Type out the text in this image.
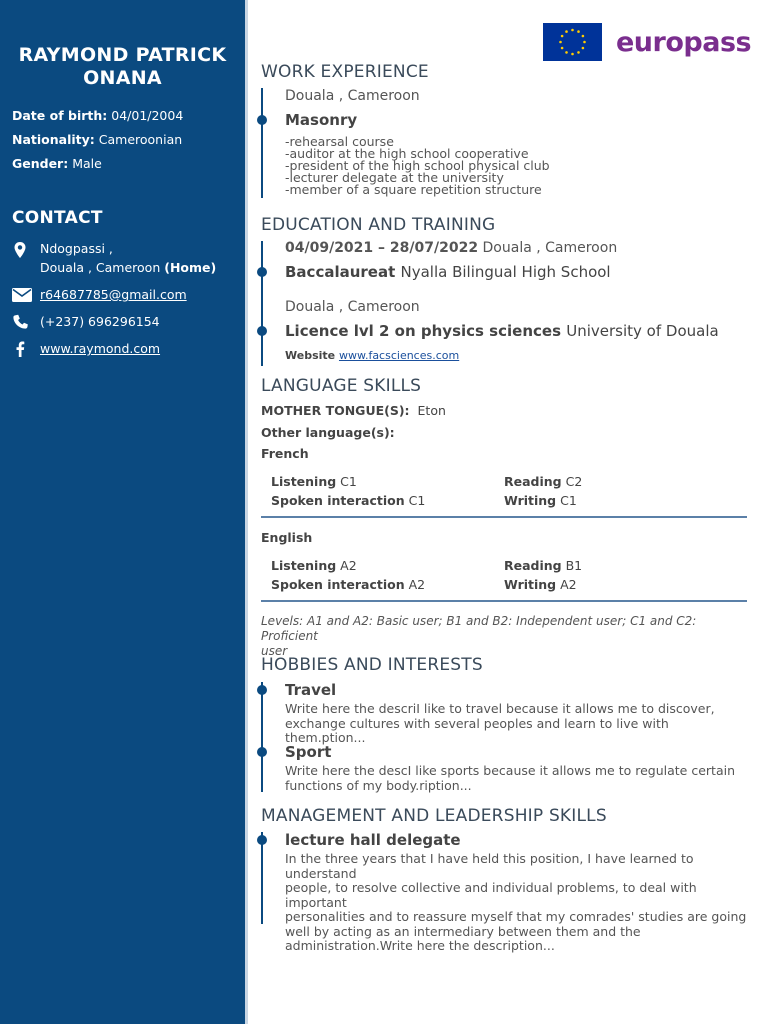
RAYMOND PATRICK
ONANA
Date of birth: 04/01/2004
Nationality: Cameroonian
Gender: Male
CONTACT
Ndogpassi ,
Douala , Cameroon (Home)
r64687785@gmail.com
(+237) 696296154
www.raymond.com
europass
WORK EXPERIENCE
Douala , Cameroon
Masonry
-rehearsal course
-auditor at the high school cooperative
-president of the high school physical club
-lecturer delegate at the university
-member of a square repetition structure
EDUCATION AND TRAINING
04/09/2021 – 28/07/2022 Douala , Cameroon
Baccalaureat Nyalla Bilingual High School
Douala , Cameroon
Licence lvl 2 on physics sciences University of Douala
Website www.facsciences.com
LANGUAGE SKILLS
MOTHER TONGUE(S): Eton
Other language(s):
French
Listening C1	Reading C2
Spoken interaction C1	Writing C1
English
Listening A2	Reading B1
Spoken interaction A2	Writing A2
Levels: A1 and A2: Basic user; B1 and B2: Independent user; C1 and C2: Proficient
user
HOBBIES AND INTERESTS
Travel
Write here the descriI like to travel because it allows me to discover,
exchange cultures with several peoples and learn to live with them.ption...
Sport
Write here the descI like sports because it allows me to regulate certain
functions of my body.ription...
MANAGEMENT AND LEADERSHIP SKILLS
lecture hall delegate
In the three years that I have held this position, I have learned to understand
people, to resolve collective and individual problems, to deal with important
personalities and to reassure myself that my comrades' studies are going
well by acting as an intermediary between them and the
administration.Write here the description...
